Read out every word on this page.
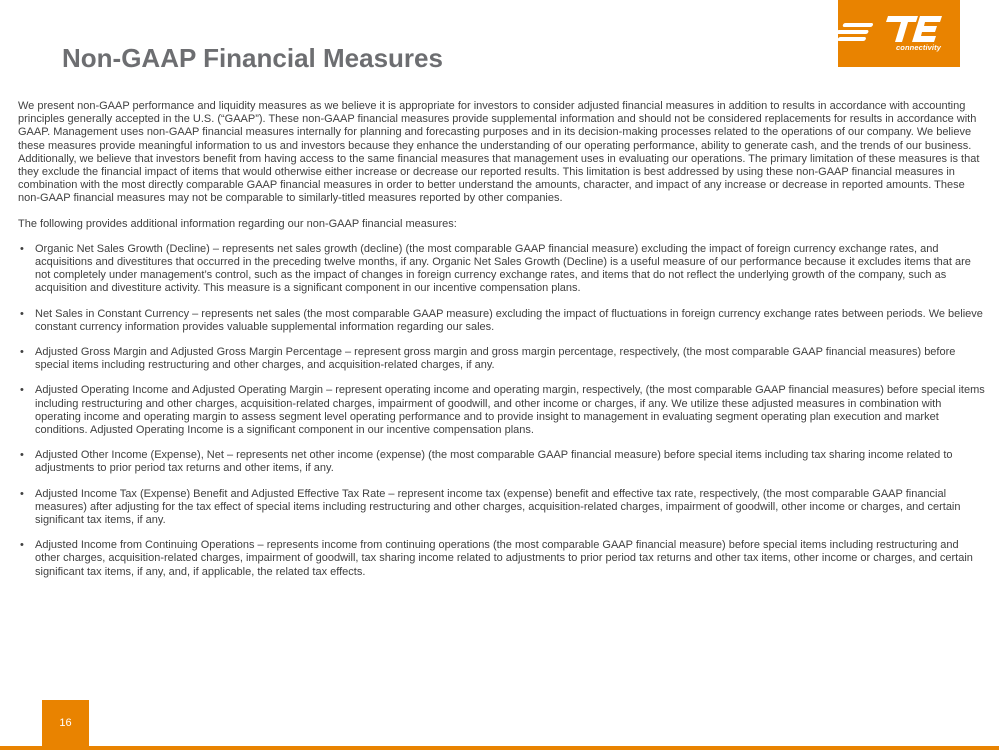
connectivity
Non-GAAP Financial Measures

We present non-GAAP performance and liquidity measures as we believe it is appropriate for investors to consider adjusted financial measures in addition to results in accordance with accounting principles generally accepted in the U.S. (“GAAP”). These non-GAAP financial measures provide supplemental information and should not be considered replacements for results in accordance with GAAP. Management uses non-GAAP financial measures internally for planning and forecasting purposes and in its decision-making processes related to the operations of our company. We believe these measures provide meaningful information to us and investors because they enhance the understanding of our operating performance, ability to generate cash, and the trends of our business. Additionally, we believe that investors benefit from having access to the same financial measures that management uses in evaluating our operations. The primary limitation of these measures is that they exclude the financial impact of items that would otherwise either increase or decrease our reported results. This limitation is best addressed by using these non-GAAP financial measures in combination with the most directly comparable GAAP financial measures in order to better understand the amounts, character, and impact of any increase or decrease in reported amounts. These non-GAAP financial measures may not be comparable to similarly-titled measures reported by other companies.

The following provides additional information regarding our non-GAAP financial measures:

• Organic Net Sales Growth (Decline) – represents net sales growth (decline) (the most comparable GAAP financial measure) excluding the impact of foreign currency exchange rates, and acquisitions and divestitures that occurred in the preceding twelve months, if any. Organic Net Sales Growth (Decline) is a useful measure of our performance because it excludes items that are not completely under management’s control, such as the impact of changes in foreign currency exchange rates, and items that do not reflect the underlying growth of the company, such as acquisition and divestiture activity. This measure is a significant component in our incentive compensation plans.
• Net Sales in Constant Currency – represents net sales (the most comparable GAAP measure) excluding the impact of fluctuations in foreign currency exchange rates between periods. We believe constant currency information provides valuable supplemental information regarding our sales.
• Adjusted Gross Margin and Adjusted Gross Margin Percentage – represent gross margin and gross margin percentage, respectively, (the most comparable GAAP financial measures) before special items including restructuring and other charges, and acquisition-related charges, if any.
• Adjusted Operating Income and Adjusted Operating Margin – represent operating income and operating margin, respectively, (the most comparable GAAP financial measures) before special items including restructuring and other charges, acquisition-related charges, impairment of goodwill, and other income or charges, if any. We utilize these adjusted measures in combination with operating income and operating margin to assess segment level operating performance and to provide insight to management in evaluating segment operating plan execution and market conditions. Adjusted Operating Income is a significant component in our incentive compensation plans.
• Adjusted Other Income (Expense), Net – represents net other income (expense) (the most comparable GAAP financial measure) before special items including tax sharing income related to adjustments to prior period tax returns and other items, if any.
• Adjusted Income Tax (Expense) Benefit and Adjusted Effective Tax Rate – represent income tax (expense) benefit and effective tax rate, respectively, (the most comparable GAAP financial measures) after adjusting for the tax effect of special items including restructuring and other charges, acquisition-related charges, impairment of goodwill, other income or charges, and certain significant tax items, if any.
• Adjusted Income from Continuing Operations – represents income from continuing operations (the most comparable GAAP financial measure) before special items including restructuring and other charges, acquisition-related charges, impairment of goodwill, tax sharing income related to adjustments to prior period tax returns and other tax items, other income or charges, and certain significant tax items, if any, and, if applicable, the related tax effects.
16
